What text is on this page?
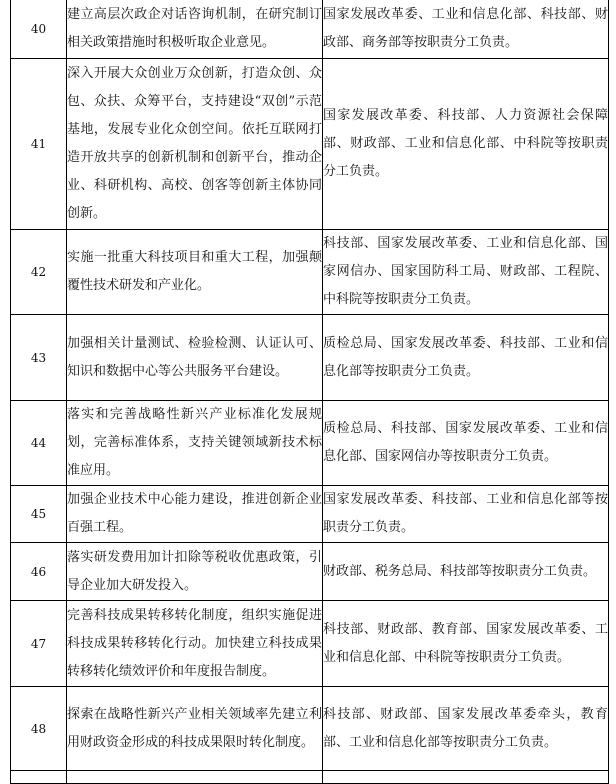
40	建立高层次政企对话咨询机制，在研究制订相关政策措施时积极听取企业意见。	国家发展改革委、工业和信息化部、科技部、财政部、商务部等按职责分工负责。
41	深入开展大众创业万众创新，打造众创、众包、众扶、众筹平台，支持建设“双创”示范基地，发展专业化众创空间。依托互联网打造开放共享的创新机制和创新平台，推动企业、科研机构、高校、创客等创新主体协同创新。	国家发展改革委、科技部、人力资源社会保障部、财政部、工业和信息化部、中科院等按职责分工负责。
42	实施一批重大科技项目和重大工程，加强颠覆性技术研发和产业化。	科技部、国家发展改革委、工业和信息化部、国家网信办、国家国防科工局、财政部、工程院、中科院等按职责分工负责。
43	加强相关计量测试、检验检测、认证认可、知识和数据中心等公共服务平台建设。	质检总局、国家发展改革委、科技部、工业和信息化部等按职责分工负责。
44	落实和完善战略性新兴产业标准化发展规划，完善标准体系，支持关键领域新技术标准应用。	质检总局、科技部、国家发展改革委、工业和信息化部、国家网信办等按职责分工负责。
45	加强企业技术中心能力建设，推进创新企业百强工程。	国家发展改革委、科技部、工业和信息化部等按职责分工负责。
46	落实研发费用加计扣除等税收优惠政策，引导企业加大研发投入。	财政部、税务总局、科技部等按职责分工负责。
47	完善科技成果转移转化制度，组织实施促进科技成果转移转化行动。加快建立科技成果转移转化绩效评价和年度报告制度。	科技部、财政部、教育部、国家发展改革委、工业和信息化部、中科院等按职责分工负责。
48	探索在战略性新兴产业相关领域率先建立利用财政资金形成的科技成果限时转化制度。	科技部、财政部、国家发展改革委牵头，教育部、工业和信息化部等按职责分工负责。
